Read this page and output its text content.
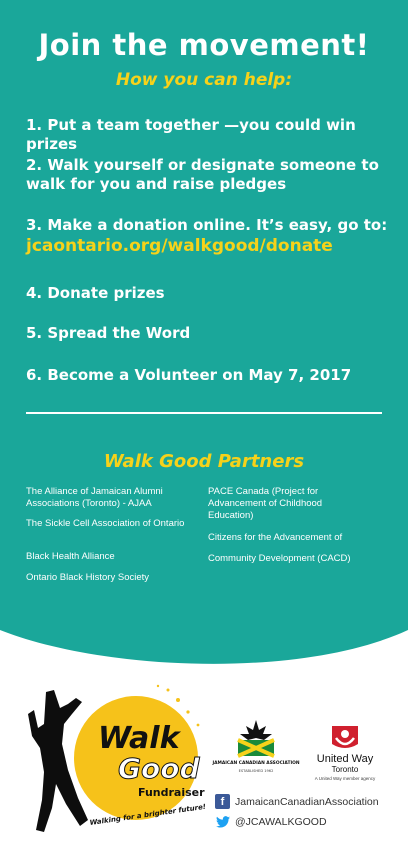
Join the movement!
How you can help:
1. Put a team together —you could win prizes
2. Walk yourself or designate someone to walk for you and raise pledges
3. Make a donation online. It’s easy, go to:
jcaontario.org/walkgood/donate
4. Donate prizes
5. Spread the Word
6. Become a Volunteer on May 7, 2017
Walk Good Partners
The Alliance of Jamaican Alumni Associations (Toronto) - AJAA
The Sickle Cell Association of Ontario
Black Health Alliance
Ontario Black History Society
PACE Canada (Project for Advancement of Childhood Education)
Citizens for the Advancement of
Community Development (CACD)
Walk
Good
Fundraiser
Walking for a brighter future!
JAMAICAN CANADIAN ASSOCIATION
ESTABLISHED 1962
United Way
Toronto
A United Way member agency
f	JamaicanCanadianAssociation
@JCAWALKGOOD
